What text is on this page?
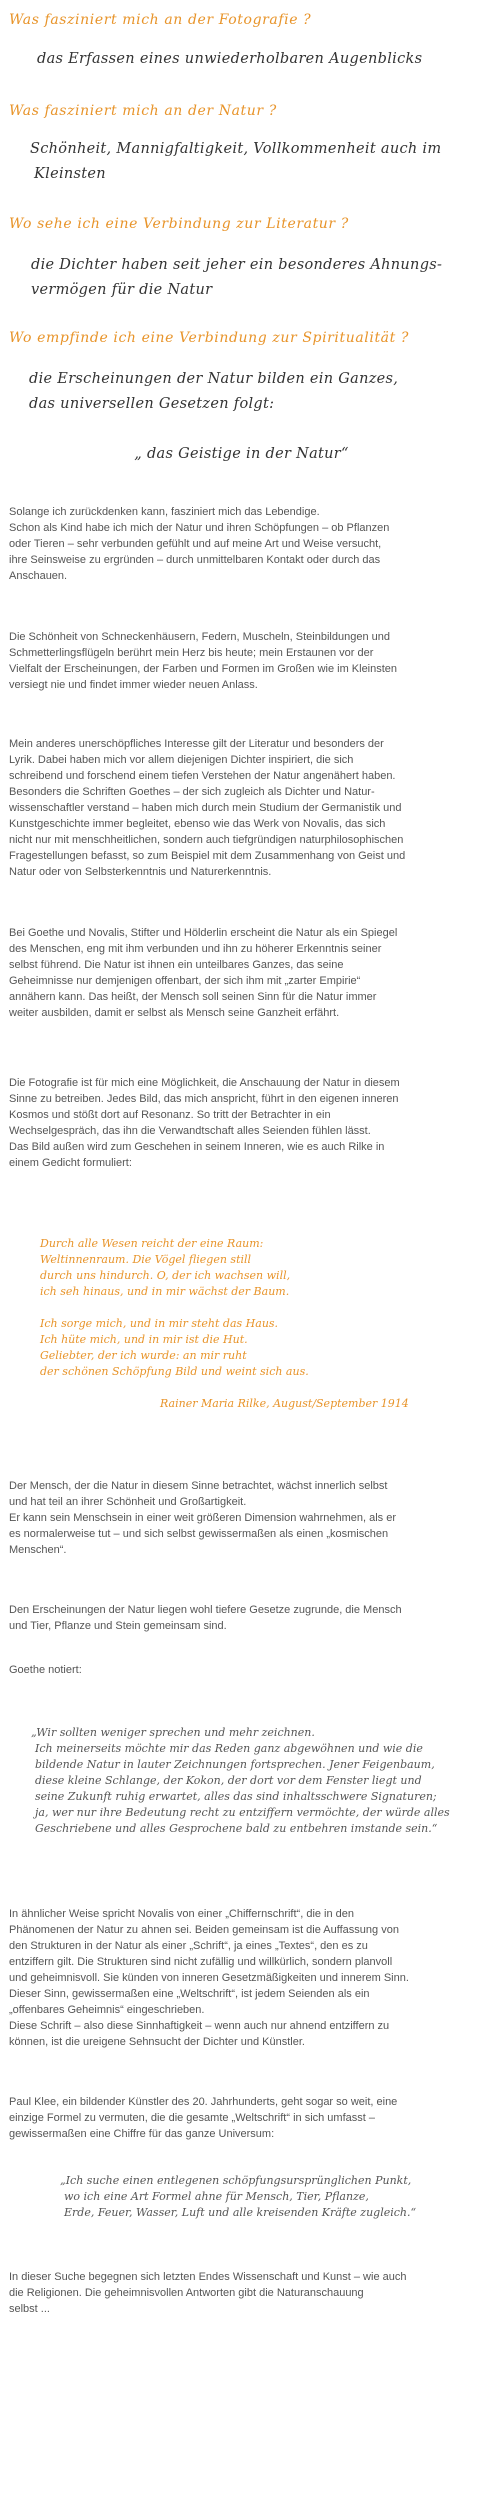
Was fasziniert mich an der Fotografie ?
das Erfassen eines unwiederholbaren Augenblicks
Was fasziniert mich an der Natur ?
Schönheit, Mannigfaltigkeit, Vollkommenheit auch im
Kleinsten
Wo sehe ich eine Verbindung zur Literatur ?
die Dichter haben seit jeher ein besonderes Ahnungs-
vermögen für die Natur
Wo empfinde ich eine Verbindung zur Spiritualität ?
die Erscheinungen der Natur bilden ein Ganzes,
das universellen Gesetzen folgt:
„ das Geistige in der Natur“
Solange ich zurückdenken kann, fasziniert mich das Lebendige.
Schon als Kind habe ich mich der Natur und ihren Schöpfungen – ob Pflanzen
oder Tieren – sehr verbunden gefühlt und auf meine Art und Weise versucht,
ihre Seinsweise zu ergründen – durch unmittelbaren Kontakt oder durch das
Anschauen.
Die Schönheit von Schneckenhäusern, Federn, Muscheln, Steinbildungen und
Schmetterlingsflügeln berührt mein Herz bis heute; mein Erstaunen vor der
Vielfalt der Erscheinungen, der Farben und Formen im Großen wie im Kleinsten
versiegt nie und findet immer wieder neuen Anlass.
Mein anderes unerschöpfliches Interesse gilt der Literatur und besonders der
Lyrik. Dabei haben mich vor allem diejenigen Dichter inspiriert, die sich
schreibend und forschend einem tiefen Verstehen der Natur angenähert haben.
Besonders die Schriften Goethes – der sich zugleich als Dichter und Natur-
wissenschaftler verstand – haben mich durch mein Studium der Germanistik und
Kunstgeschichte immer begleitet, ebenso wie das Werk von Novalis, das sich
nicht nur mit menschheitlichen, sondern auch tiefgründigen naturphilosophischen
Fragestellungen befasst, so zum Beispiel mit dem Zusammenhang von Geist und
Natur oder von Selbsterkenntnis und Naturerkenntnis.
Bei Goethe und Novalis, Stifter und Hölderlin erscheint die Natur als ein Spiegel
des Menschen, eng mit ihm verbunden und ihn zu höherer Erkenntnis seiner
selbst führend. Die Natur ist ihnen ein unteilbares Ganzes, das seine
Geheimnisse nur demjenigen offenbart, der sich ihm mit „zarter Empirie“
annähern kann. Das heißt, der Mensch soll seinen Sinn für die Natur immer
weiter ausbilden, damit er selbst als Mensch seine Ganzheit erfährt.
Die Fotografie ist für mich eine Möglichkeit, die Anschauung der Natur in diesem
Sinne zu betreiben. Jedes Bild, das mich anspricht, führt in den eigenen inneren
Kosmos und stößt dort auf Resonanz. So tritt der Betrachter in ein
Wechselgespräch, das ihn die Verwandtschaft alles Seienden fühlen lässt.
Das Bild außen wird zum Geschehen in seinem Inneren, wie es auch Rilke in
einem Gedicht formuliert:
Durch alle Wesen reicht der eine Raum:
Weltinnenraum. Die Vögel fliegen still
durch uns hindurch. O, der ich wachsen will,
ich seh hinaus, und in mir wächst der Baum.
Ich sorge mich, und in mir steht das Haus.
Ich hüte mich, und in mir ist die Hut.
Geliebter, der ich wurde: an mir ruht
der schönen Schöpfung Bild und weint sich aus.
Rainer Maria Rilke, August/September 1914
Der Mensch, der die Natur in diesem Sinne betrachtet, wächst innerlich selbst
und hat teil an ihrer Schönheit und Großartigkeit.
Er kann sein Menschsein in einer weit größeren Dimension wahrnehmen, als er
es normalerweise tut – und sich selbst gewissermaßen als einen „kosmischen
Menschen“.
Den Erscheinungen der Natur liegen wohl tiefere Gesetze zugrunde, die Mensch
und Tier, Pflanze und Stein gemeinsam sind.
Goethe notiert:
„Wir sollten weniger sprechen und mehr zeichnen.
Ich meinerseits möchte mir das Reden ganz abgewöhnen und wie die
bildende Natur in lauter Zeichnungen fortsprechen. Jener Feigenbaum,
diese kleine Schlange, der Kokon, der dort vor dem Fenster liegt und
seine Zukunft ruhig erwartet, alles das sind inhaltsschwere Signaturen;
ja, wer nur ihre Bedeutung recht zu entziffern vermöchte, der würde alles
Geschriebene und alles Gesprochene bald zu entbehren imstande sein.“
In ähnlicher Weise spricht Novalis von einer „Chiffernschrift“, die in den
Phänomenen der Natur zu ahnen sei. Beiden gemeinsam ist die Auffassung von
den Strukturen in der Natur als einer „Schrift“, ja eines „Textes“, den es zu
entziffern gilt. Die Strukturen sind nicht zufällig und willkürlich, sondern planvoll
und geheimnisvoll. Sie künden von inneren Gesetzmäßigkeiten und innerem Sinn.
Dieser Sinn, gewissermaßen eine „Weltschrift“, ist jedem Seienden als ein
„offenbares Geheimnis“ eingeschrieben.
Diese Schrift – also diese Sinnhaftigkeit – wenn auch nur ahnend entziffern zu
können, ist die ureigene Sehnsucht der Dichter und Künstler.
Paul Klee, ein bildender Künstler des 20. Jahrhunderts, geht sogar so weit, eine
einzige Formel zu vermuten, die die gesamte „Weltschrift“ in sich umfasst –
gewissermaßen eine Chiffre für das ganze Universum:
„Ich suche einen entlegenen schöpfungsursprünglichen Punkt,
wo ich eine Art Formel ahne für Mensch, Tier, Pflanze,
Erde, Feuer, Wasser, Luft und alle kreisenden Kräfte zugleich.“
In dieser Suche begegnen sich letzten Endes Wissenschaft und Kunst – wie auch
die Religionen. Die geheimnisvollen Antworten gibt die Naturanschauung
selbst ...
